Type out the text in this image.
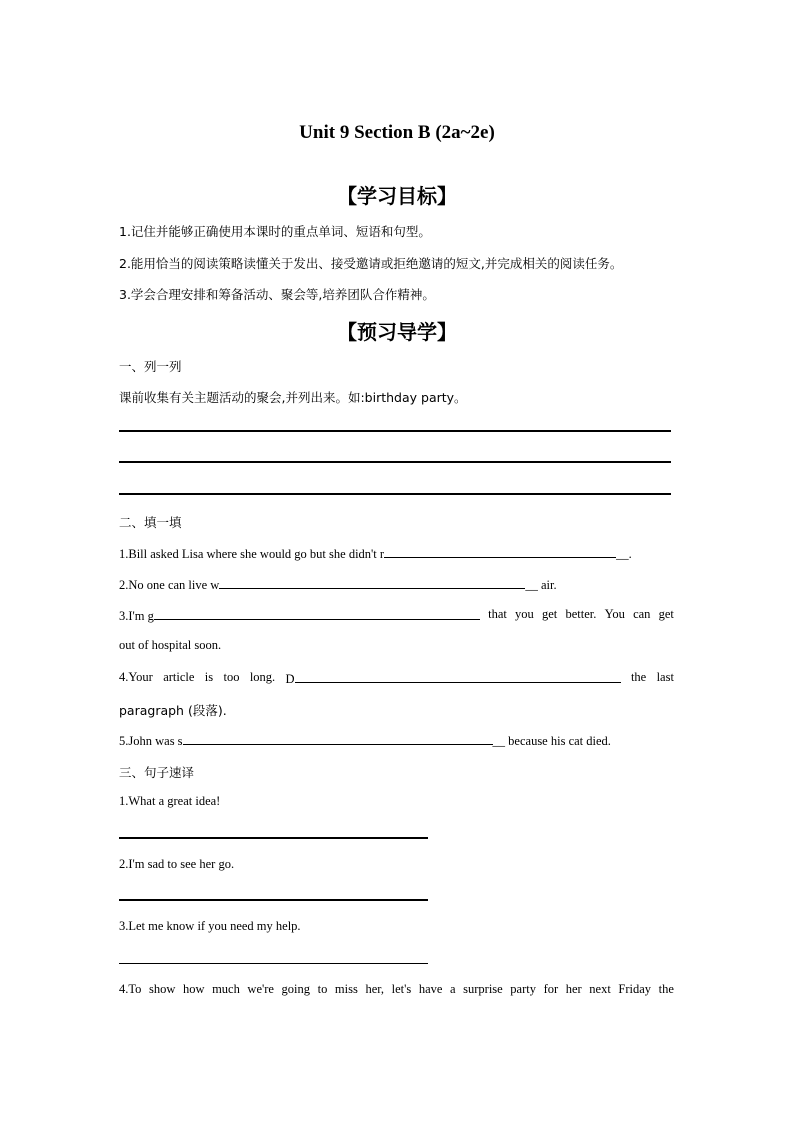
Unit 9 Section B (2a~2e)
【学习目标】
1.记住并能够正确使用本课时的重点单词、短语和句型。
2.能用恰当的阅读策略读懂关于发出、接受邀请或拒绝邀请的短文,并完成相关的阅读任务。
3.学会合理安排和筹备活动、聚会等,培养团队合作精神。
【预习导学】
一、列一列
课前收集有关主题活动的聚会,并列出来。如:birthday party。
二、填一填
1.Bill asked Lisa where she would go but she didn't r	__.
2.No one can live w	__ air.
3.I'm g	that you get better. You can get
out of hospital soon.
4.Your article is too long. D	the last
paragraph (段落).
5.John was s	__ because his cat died.
三、句子速译
1.What a great idea!
2.I'm sad to see her go.
3.Let me know if you need my help.
4.To show how much we're going to miss her, let's have a surprise party for her next Friday the
